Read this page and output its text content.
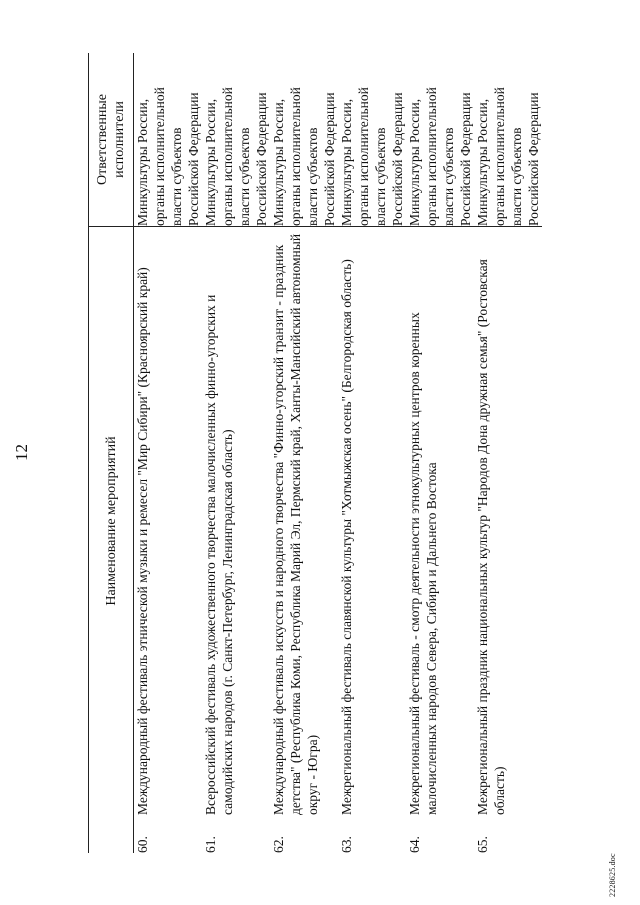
12
		Наименование мероприятий	Ответственные исполнители

60.	Международный фестиваль этнической музыки и ремесел "Мир Сибири" (Красноярский край)	Минкультуры России, органы исполнительной власти субъектов Российской Федерации

61.	Всероссийский фестиваль художественного творчества малочисленных финно-угорских и самодийских народов (г. Санкт-Петербург, Ленинградская область)	Минкультуры России, органы исполнительной власти субъектов Российской Федерации

62.	Международный фестиваль искусств и народного творчества "Финно-угорский транзит - праздник детства" (Республика Коми, Республика Марий Эл, Пермский край, Ханты-Мансийский автономный округ - Югра)	Минкультуры России, органы исполнительной власти субъектов Российской Федерации

63.	Межрегиональный фестиваль славянской культуры "Хотмыжская осень" (Белгородская область)	Минкультуры России, органы исполнительной власти субъектов Российской Федерации

64.	Межрегиональный фестиваль - смотр деятельности этнокультурных центров коренных малочисленных народов Севера, Сибири и Дальнего Востока	Минкультуры России, органы исполнительной власти субъектов Российской Федерации

65.	Межрегиональный праздник национальных культур "Народов Дона дружная семья" (Ростовская область)	Минкультуры России, органы исполнительной власти субъектов Российской Федерации
2228625.doc
